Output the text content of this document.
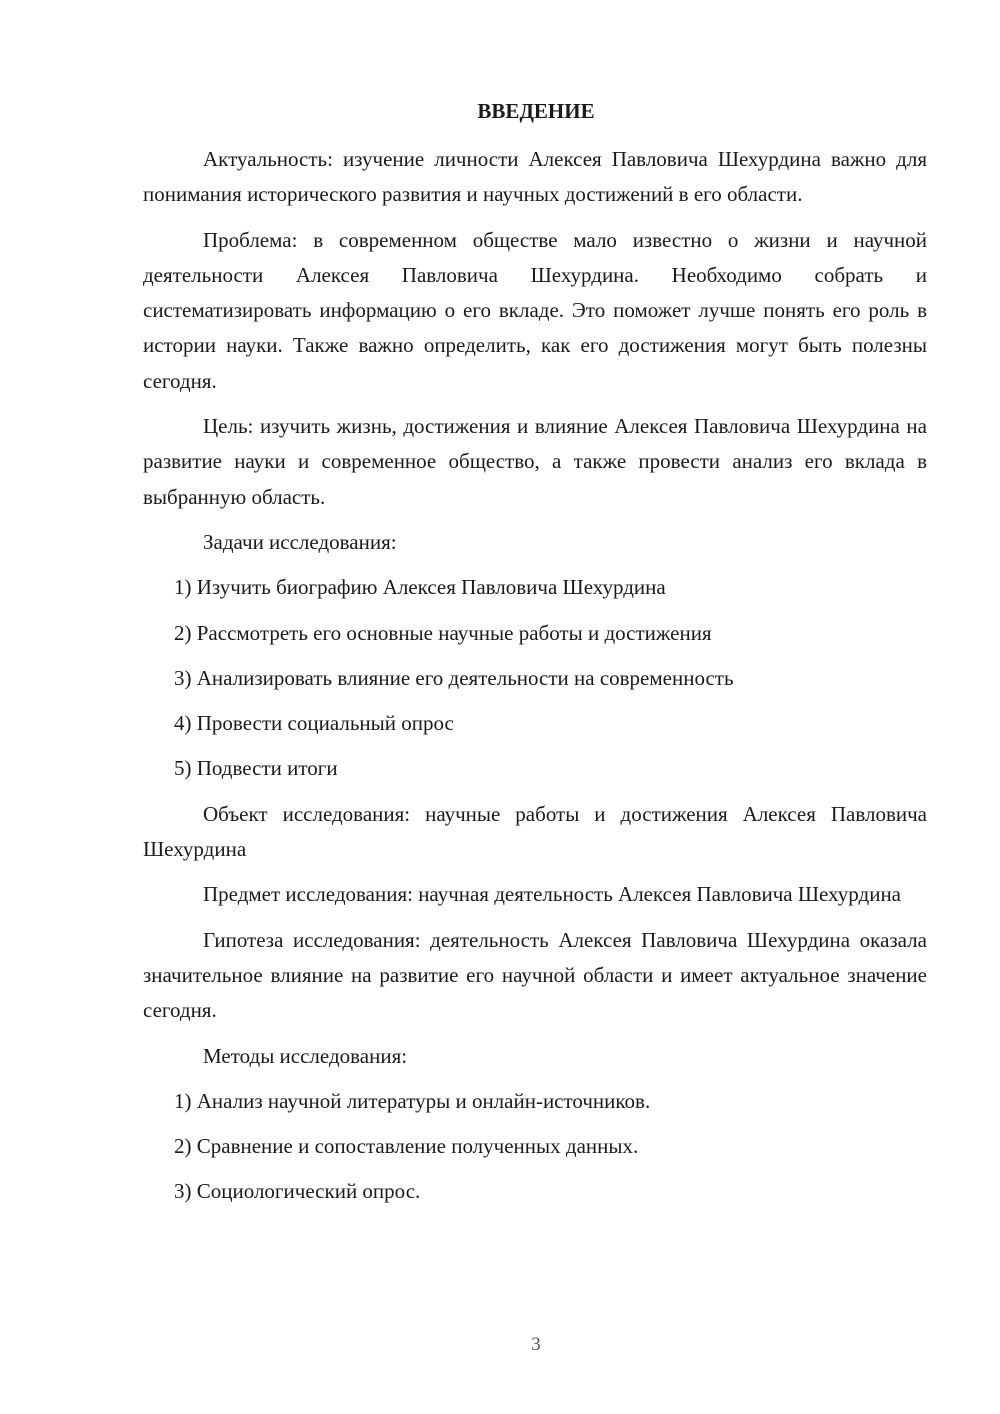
ВВЕДЕНИЕ

Актуальность: изучение личности Алексея Павловича Шехурдина важно для понимания исторического развития и научных достижений в его области.

Проблема: в современном обществе мало известно о жизни и научной деятельности Алексея Павловича Шехурдина. Необходимо собрать и систематизировать информацию о его вкладе. Это поможет лучше понять его роль в истории науки. Также важно определить, как его достижения могут быть полезны сегодня.

Цель: изучить жизнь, достижения и влияние Алексея Павловича Шехурдина на развитие науки и современное общество, а также провести анализ его вклада в выбранную область.

Задачи исследования:

1) Изучить биографию Алексея Павловича Шехурдина
2) Рассмотреть его основные научные работы и достижения
3) Анализировать влияние его деятельности на современность
4) Провести социальный опрос
5) Подвести итоги

Объект исследования: научные работы и достижения Алексея Павловича Шехурдина

Предмет исследования: научная деятельность Алексея Павловича Шехурдина

Гипотеза исследования: деятельность Алексея Павловича Шехурдина оказала значительное влияние на развитие его научной области и имеет актуальное значение сегодня.

Методы исследования:

1) Анализ научной литературы и онлайн-источников.
2) Сравнение и сопоставление полученных данных.
3) Социологический опрос.
3
